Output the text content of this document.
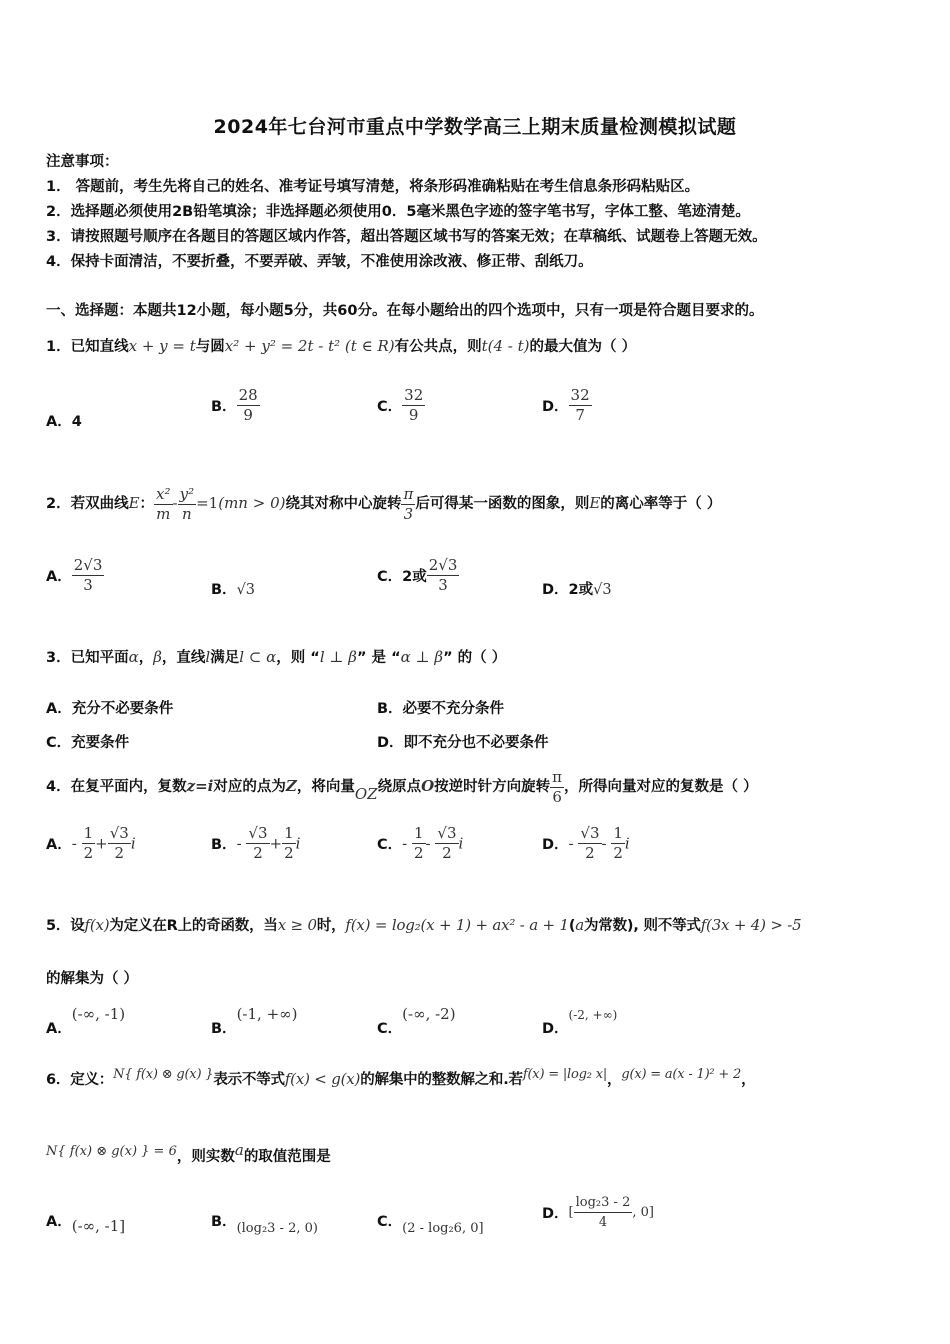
2024年七台河市重点中学数学高三上期末质量检测模拟试题
注意事项：
1． 答题前，考生先将自己的姓名、准考证号填写清楚，将条形码准确粘贴在考生信息条形码粘贴区。
2．选择题必须使用2B铅笔填涂；非选择题必须使用0．5毫米黑色字迹的签字笔书写，字体工整、笔迹清楚。
3．请按照题号顺序在各题目的答题区域内作答，超出答题区域书写的答案无效；在草稿纸、试题卷上答题无效。
4．保持卡面清洁，不要折叠，不要弄破、弄皱，不准使用涂改液、修正带、刮纸刀。
一、选择题：本题共12小题，每小题5分，共60分。在每小题给出的四个选项中，只有一项是符合题目要求的。
1．已知直线x + y = t与圆x² + y² = 2t - t² (t ∈ R)有公共点，则t(4 - t)的最大值为（ ）
A．4
B． $\frac{28}{9}$	C． $\frac{32}{9}$	D． $\frac{32}{7}$
2．若双曲线E： $\frac{\text{x²}}{m} - \frac{\text{y²}}{n} =1(mn > 0)$绕其对称中心旋转 $\frac{\pi}{3}$ 后可得某一函数的图象，则E的离心率等于（ ）
A． $\frac{2√3}{3}$	B．√3
C．2或 $\frac{2√3}{3}$	D．2或√3
3．已知平面α，β，直线l满足l ⊂ α，则 “l ⊥ β” 是 “α ⊥ β” 的（ ）
A．充分不必要条件	B．必要不充分条件
C．充要条件	D．即不充分也不必要条件
4．在复平面内，复数z=i对应的点为Z，将向量OZ绕原点O按逆时针方向旋转 $\frac{\pi}{6}$ ，所得向量对应的复数是（ ）
A．- $\frac{1}{2} + \frac{√3}{2}$ i	B．- $\frac{√3}{2} + \frac{1}{2}$ i	C．- $\frac{1}{2} - \frac{√3}{2}$ i	D．- $\frac{√3}{2} - \frac{1}{2}$ i
5．设f(x)为定义在R上的奇函数，当x ≥ 0时，f(x) = log₂(x + 1) + ax² - a + 1(a为常数), 则不等式f(3x + 4) > -5
的解集为（ ）
A．(-∞, -1)
B．(-1, +∞)
C．(-∞, -2)
D．(-2, +∞)
6．定义：N{ f(x) ⊗ g(x) }表示不等式f(x) < g(x)的解集中的整数解之和.若f(x) = |log₂ x|，g(x) = a(x - 1)² + 2，
N{ f(x) ⊗ g(x) } = 6，则实数a的取值范围是
A．(-∞, -1]	B．(log₂3 - 2, 0)	C．(2 - log₂6, 0]
D．[ $\frac{\text{log₂3 - 2}}{4}$ , 0]
